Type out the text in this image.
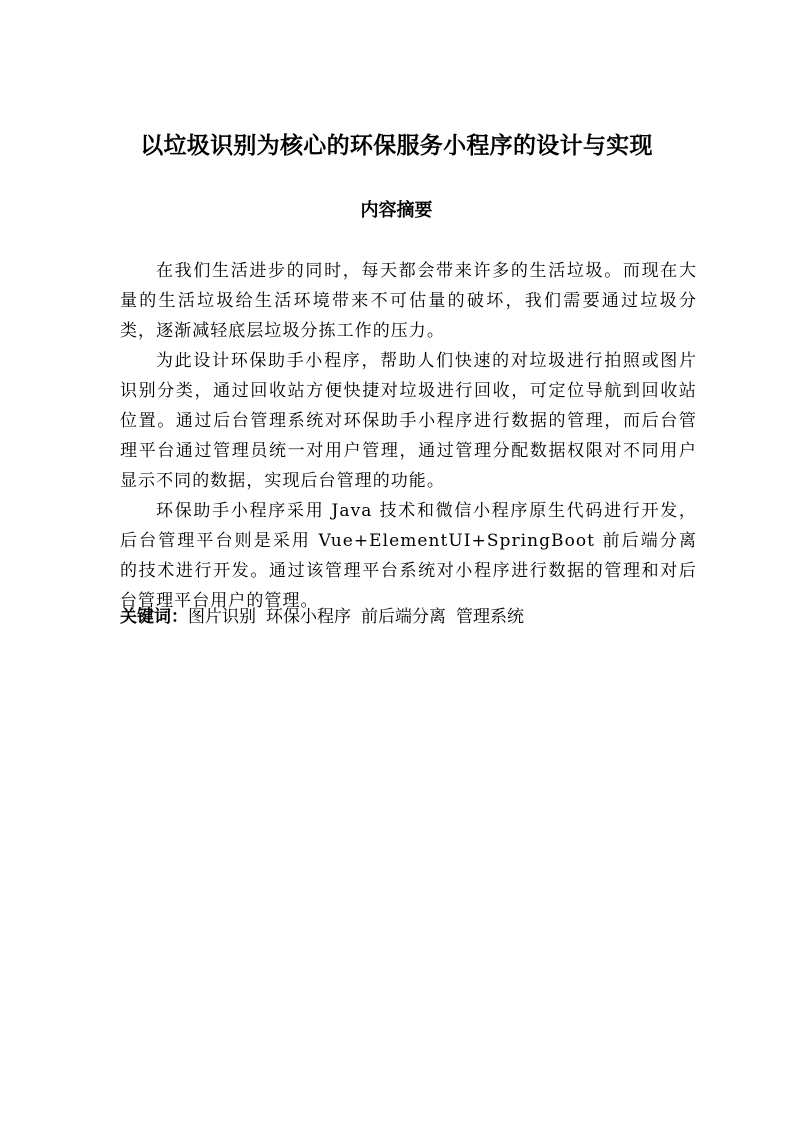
以垃圾识别为核心的环保服务小程序的设计与实现
内容摘要

在我们生活进步的同时，每天都会带来许多的生活垃圾。而现在大量的生活垃圾给生活环境带来不可估量的破坏，我们需要通过垃圾分类，逐渐减轻底层垃圾分拣工作的压力。

为此设计环保助手小程序，帮助人们快速的对垃圾进行拍照或图片识别分类，通过回收站方便快捷对垃圾进行回收，可定位导航到回收站位置。通过后台管理系统对环保助手小程序进行数据的管理，而后台管理平台通过管理员统一对用户管理，通过管理分配数据权限对不同用户显示不同的数据，实现后台管理的功能。

环保助手小程序采用 Java 技术和微信小程序原生代码进行开发，后台管理平台则是采用 Vue+ElementUI+SpringBoot 前后端分离的技术进行开发。通过该管理平台系统对小程序进行数据的管理和对后台管理平台用户的管理。

关键词：图片识别 环保小程序 前后端分离 管理系统
